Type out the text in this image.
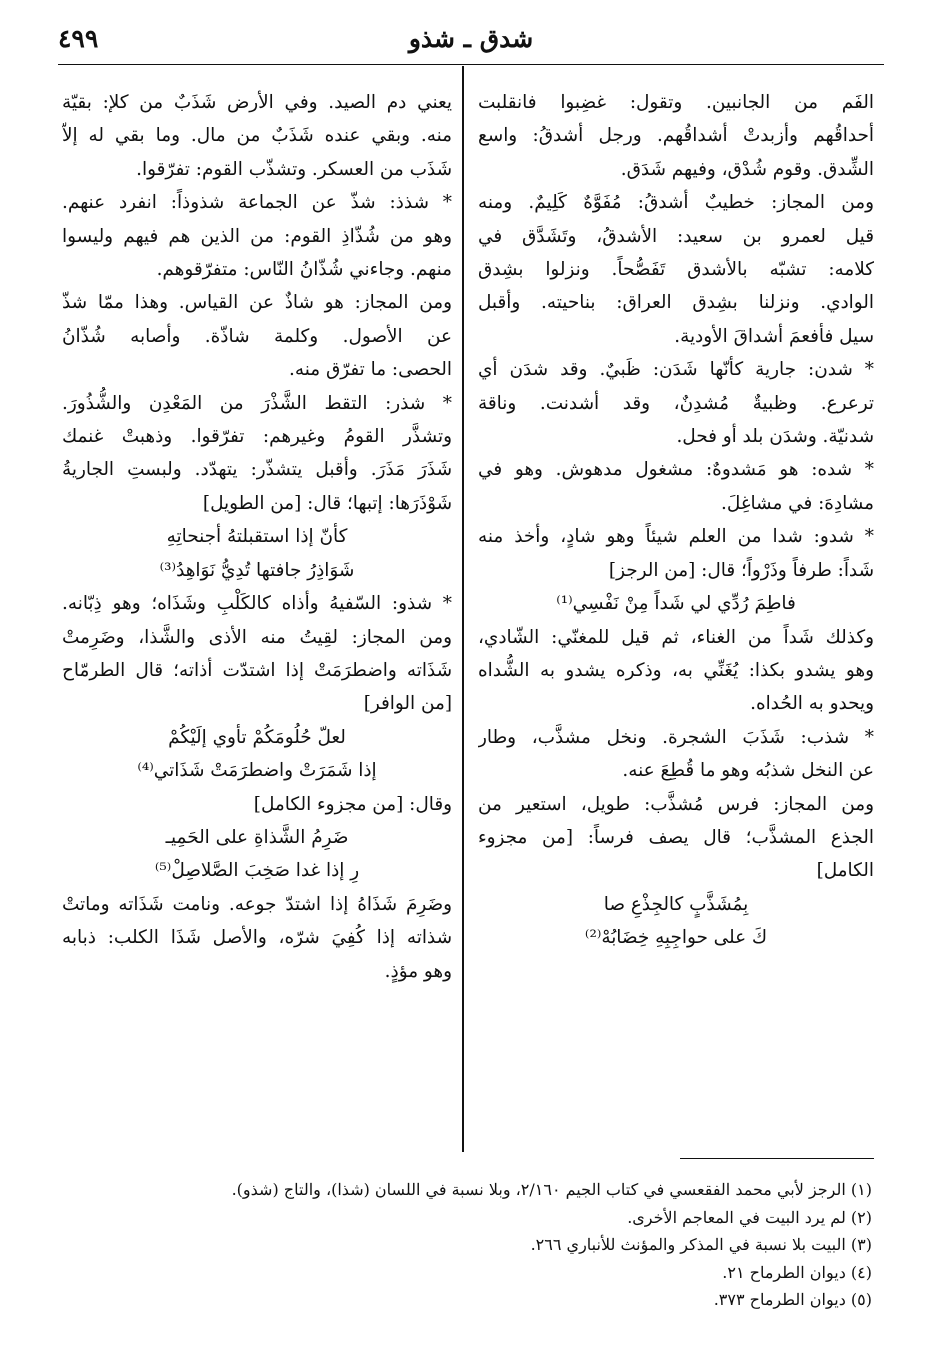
شدق ـ شذو
٤٩٩
الفَم من الجانبين. وتقول: غضِبوا فانقلبت
أحداقُهم وأزبدتْ أشداقُهم. ورجل أشدقُ: واسع
الشِّدق. وقوم شُدْق، وفيهم شَدَق.
ومن المجاز: خطيبٌ أشدقُ: مُفَوَّهٌ كَلِيمٌ. ومنه
قيل لعمرو بن سعيد: الأشدقُ، وتَشَدَّق في
كلامه: تشبّه بالأشدق تَفَصُّحاً. ونزلوا بشِدق
الوادي. ونزلنا بشِدق العراق: بناحيته. وأقبل
سيل فأفعمَ أشداقَ الأودية.
* شدن: جارية كأنّها شَدَن: ظَبيٌ. وقد شدَن أي
ترعرع. وظبيةٌ مُشدِنٌ، وقد أشدنت. وناقة
شدنيّة. وشدَن بلد أو فحل.
* شده: هو مَشدوهٌ: مشغول مدهوش. وهو في
مشادِهَ: في مشاغِلَ.
* شدو: شدا من العلم شيئاً وهو شادٍ، وأخذ منه
شَداً: طرفاً وذَرْواً؛ قال: [من الرجز]
فاطِمَ رُدِّي لي شَداً مِنْ نَفْسِي⁽¹⁾
وكذلك شَداً من الغناء، ثم قيل للمغنّي: الشّادي،
وهو يشدو بكذا: يُغَنِّي به، وذكره يشدو به الشُّداه
ويحدو به الحُداه.
* شذب: شَذَبَ الشجرة. ونخل مشذَّب، وطار
عن النخل شذبُه وهو ما قُطِعَ عنه.
ومن المجاز: فرس مُشذَّب: طويل، استعير من
الجذع المشذَّب؛ قال يصف فرساً: [من مجزوء
الكامل]
بِمُشَذَّبٍ كالجِذْعِ صا
كَ على حواجِبِهِ خِضَابُهْ⁽²⁾
يعني دم الصيد. وفي الأرض شَذَبٌ من كلإ: بقيّة
منه. وبقي عنده شَذَبٌ من مال. وما بقي له إلاّ
شَذَب من العسكر. وتشذّب القوم: تفرّقوا.
* شذذ: شذّ عن الجماعة شذوذاً: انفرد عنهم.
وهو من شُذّاذِ القوم: من الذين هم فيهم وليسوا
منهم. وجاءني شُذّانُ النّاس: متفرّقوهم.
ومن المجاز: هو شاذٌ عن القياس. وهذا ممّا شذّ
عن الأصول. وكلمة شاذّة. وأصابه شُذّانُ
الحصى: ما تفرّق منه.
* شذر: التقط الشَّذْرَ من المَعْدِن والشُّذُورَ.
وتشذَّر القومُ وغيرهم: تفرّقوا. وذهبتْ غنمك
شَذَرَ مَذَرَ. وأقبل يتشذّر: يتهدّد. ولبستِ الجاريةُ
شَوْذَرَها: إتبها؛ قال: [من الطويل]
كأنّ إذا استقبلتهُ أجنحاتِهِ
شَوَاذِرُ جافتها تُدِيُّ نَوَاهِدُ⁽³⁾
* شذو: السّفيهُ وأذاه كالكَلْبِ وشَذَاه؛ وهو ذِبّانه.
ومن المجاز: لقِيتُ منه الأذى والشَّذا، وضَرِمتْ
شَذَاته واضطرَمَتْ إذا اشتدّت أذاته؛ قال الطرمّاح
[من الوافر]
لعلّ حُلُومَكُمْ تأوي إلَيْكُمْ
إذا شَمَرَتْ واضطرَمَتْ شَذَاتي⁽⁴⁾
وقال: [من مجزوء الكامل]
ضَرِمُ الشَّذاةِ على الحَمِيـ
رِ إذا غدا صَخِبَ الصَّلاصِلْ⁽⁵⁾
وضَرِمَ شَذَاهُ إذا اشتدّ جوعه. ونامت شَذَاته وماتتْ
شذاته إذا كُفِيَ شرّه، والأصل شَذَا الكلب: ذبابه
وهو مؤذٍ.
(١) الرجز لأبي محمد الفقعسي في كتاب الجيم ٢/١٦٠، وبلا نسبة في اللسان (شذا)، والتاج (شذو).
(٢) لم يرد البيت في المعاجم الأخرى.
(٣) البيت بلا نسبة في المذكر والمؤنث للأنباري ٢٦٦.
(٤) ديوان الطرماح ٢١.
(٥) ديوان الطرماح ٣٧٣.
